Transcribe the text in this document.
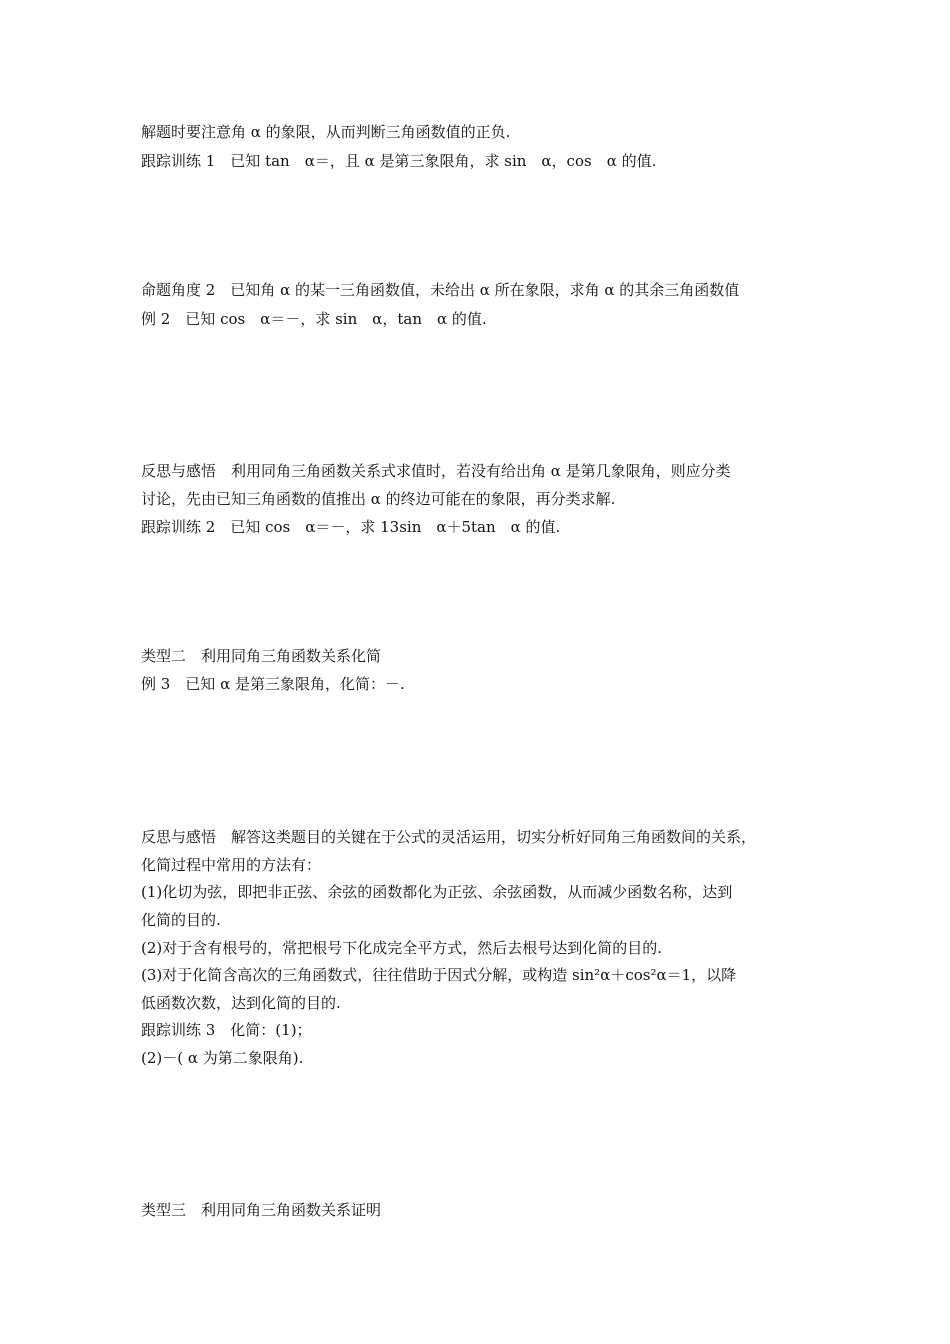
解题时要注意角 α 的象限，从而判断三角函数值的正负.
跟踪训练 1　已知 tan　α＝，且 α 是第三象限角，求 sin　α，cos　α 的值.
命题角度 2　已知角 α 的某一三角函数值，未给出 α 所在象限，求角 α 的其余三角函数值
例 2　已知 cos　α＝－，求 sin　α，tan　α 的值.
反思与感悟　利用同角三角函数关系式求值时，若没有给出角 α 是第几象限角，则应分类
讨论，先由已知三角函数的值推出 α 的终边可能在的象限，再分类求解.
跟踪训练 2　已知 cos　α＝－，求 13sin　α＋5tan　α 的值.
类型二　利用同角三角函数关系化简
例 3　已知 α 是第三象限角，化简：－.
反思与感悟　解答这类题目的关键在于公式的灵活运用，切实分析好同角三角函数间的关系，
化简过程中常用的方法有：
(1)化切为弦，即把非正弦、余弦的函数都化为正弦、余弦函数，从而减少函数名称，达到
化简的目的.
(2)对于含有根号的，常把根号下化成完全平方式，然后去根号达到化简的目的.
(3)对于化简含高次的三角函数式，往往借助于因式分解，或构造 sin²α＋cos²α＝1，以降
低函数次数，达到化简的目的.
跟踪训练 3　化简：(1)；
(2)－( α 为第二象限角).
类型三　利用同角三角函数关系证明
